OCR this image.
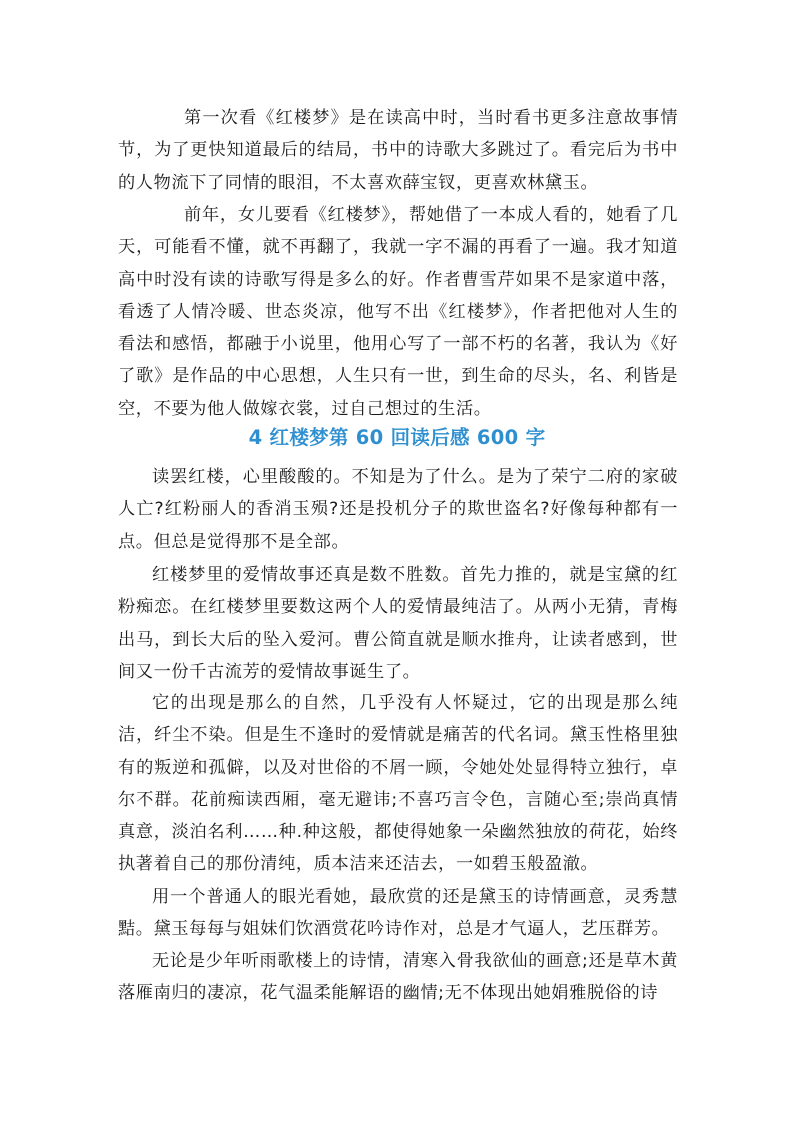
第一次看《红楼梦》是在读高中时，当时看书更多注意故事情节，为了更快知道最后的结局，书中的诗歌大多跳过了。看完后为书中的人物流下了同情的眼泪，不太喜欢薛宝钗，更喜欢林黛玉。

前年，女儿要看《红楼梦》，帮她借了一本成人看的，她看了几天，可能看不懂，就不再翻了，我就一字不漏的再看了一遍。我才知道高中时没有读的诗歌写得是多么的好。作者曹雪芹如果不是家道中落，看透了人情冷暖、世态炎凉，他写不出《红楼梦》，作者把他对人生的看法和感悟，都融于小说里，他用心写了一部不朽的名著，我认为《好了歌》是作品的中心思想，人生只有一世，到生命的尽头，名、利皆是空，不要为他人做嫁衣裳，过自己想过的生活。

4 红楼梦第 60 回读后感 600 字

读罢红楼，心里酸酸的。不知是为了什么。是为了荣宁二府的家破人亡?红粉丽人的香消玉殒?还是投机分子的欺世盗名?好像每种都有一点。但总是觉得那不是全部。

红楼梦里的爱情故事还真是数不胜数。首先力推的，就是宝黛的红粉痴恋。在红楼梦里要数这两个人的爱情最纯洁了。从两小无猜，青梅出马，到长大后的坠入爱河。曹公简直就是顺水推舟，让读者感到，世间又一份千古流芳的爱情故事诞生了。

它的出现是那么的自然，几乎没有人怀疑过，它的出现是那么纯洁，纤尘不染。但是生不逢时的爱情就是痛苦的代名词。黛玉性格里独有的叛逆和孤僻，以及对世俗的不屑一顾，令她处处显得特立独行，卓尔不群。花前痴读西厢，毫无避讳;不喜巧言令色，言随心至;崇尚真情真意，淡泊名利……种.种这般，都使得她象一朵幽然独放的荷花，始终执著着自己的那份清纯，质本洁来还洁去，一如碧玉般盈澈。

用一个普通人的眼光看她，最欣赏的还是黛玉的诗情画意，灵秀慧黠。黛玉每每与姐妹们饮酒赏花吟诗作对，总是才气逼人，艺压群芳。

无论是少年听雨歌楼上的诗情，清寒入骨我欲仙的画意;还是草木黄落雁南归的凄凉，花气温柔能解语的幽情;无不体现出她娟雅脱俗的诗
